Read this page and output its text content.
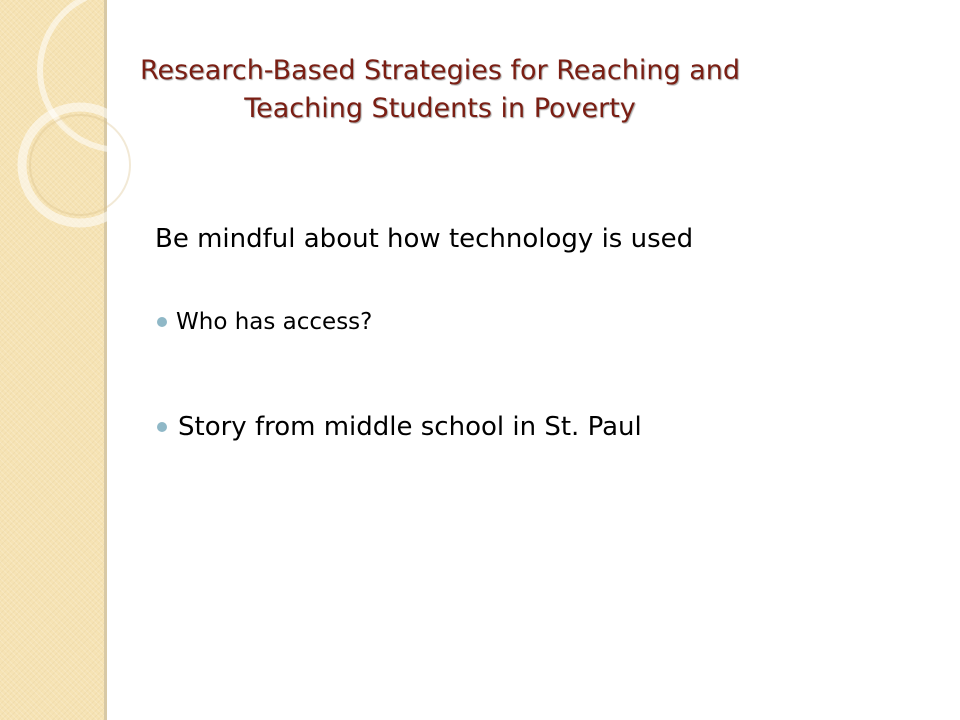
Research-Based Strategies for Reaching and
Teaching Students in Poverty
Be mindful about how technology is used
Who has access?
Story from middle school in St. Paul
